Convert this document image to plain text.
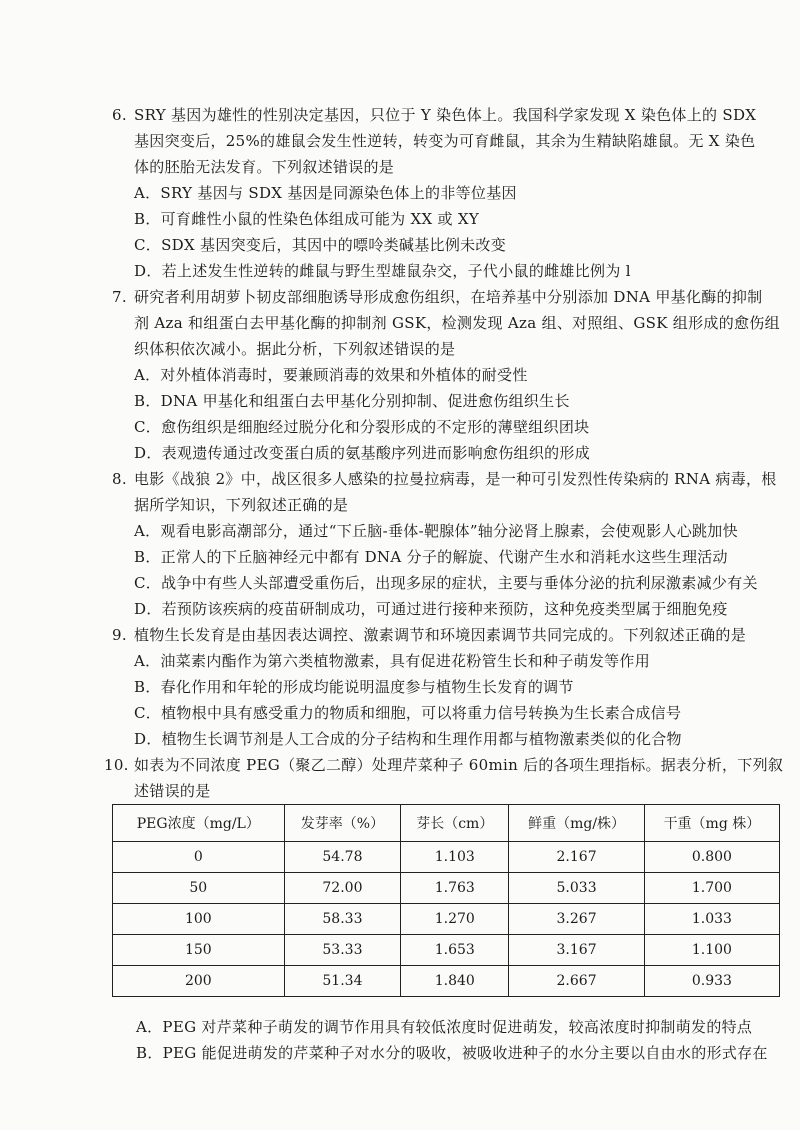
6. SRY 基因为雄性的性别决定基因，只位于 Y 染色体上。我国科学家发现 X 染色体上的 SDX
基因突变后，25%的雄鼠会发生性逆转，转变为可育雌鼠，其余为生精缺陷雄鼠。无 X 染色
体的胚胎无法发育。下列叙述错误的是
A．SRY 基因与 SDX 基因是同源染色体上的非等位基因
B．可育雌性小鼠的性染色体组成可能为 XX 或 XY
C．SDX 基因突变后，其因中的嘌呤类碱基比例未改变
D．若上述发生性逆转的雌鼠与野生型雄鼠杂交，子代小鼠的雌雄比例为 l
7. 研究者利用胡萝卜韧皮部细胞诱导形成愈伤组织，在培养基中分别添加 DNA 甲基化酶的抑制
剂 Aza 和组蛋白去甲基化酶的抑制剂 GSK，检测发现 Aza 组、对照组、GSK 组形成的愈伤组
织体积依次减小。据此分析，下列叙述错误的是
A．对外植体消毒时，要兼顾消毒的效果和外植体的耐受性
B．DNA 甲基化和组蛋白去甲基化分别抑制、促进愈伤组织生长
C．愈伤组织是细胞经过脱分化和分裂形成的不定形的薄壁组织团块
D．表观遗传通过改变蛋白质的氨基酸序列进而影响愈伤组织的形成
8. 电影《战狼 2》中，战区很多人感染的拉曼拉病毒，是一种可引发烈性传染病的 RNA 病毒，根
据所学知识，下列叙述正确的是
A．观看电影高潮部分，通过“下丘脑-垂体-靶腺体”轴分泌肾上腺素，会使观影人心跳加快
B．正常人的下丘脑神经元中都有 DNA 分子的解旋、代谢产生水和消耗水这些生理活动
C．战争中有些人头部遭受重伤后，出现多尿的症状，主要与垂体分泌的抗利尿激素减少有关
D．若预防该疾病的疫苗研制成功，可通过进行接种来预防，这种免疫类型属于细胞免疫
9. 植物生长发育是由基因表达调控、激素调节和环境因素调节共同完成的。下列叙述正确的是
A．油菜素内酯作为第六类植物激素，具有促进花粉管生长和种子萌发等作用
B．春化作用和年轮的形成均能说明温度参与植物生长发育的调节
C．植物根中具有感受重力的物质和细胞，可以将重力信号转换为生长素合成信号
D．植物生长调节剂是人工合成的分子结构和生理作用都与植物激素类似的化合物
10. 如表为不同浓度 PEG（聚乙二醇）处理芹菜种子 60min 后的各项生理指标。据表分析，下列叙
述错误的是
PEG浓度（mg/L）	发芽率（%）	芽长（cm）	鲜重（mg/株）	干重（mg 株）
0	54.78	1.103	2.167	0.800
50	72.00	1.763	5.033	1.700
100	58.33	1.270	3.267	1.033
150	53.33	1.653	3.167	1.100
200	51.34	1.840	2.667	0.933
A．PEG 对芹菜种子萌发的调节作用具有较低浓度时促进萌发，较高浓度时抑制萌发的特点
B．PEG 能促进萌发的芹菜种子对水分的吸收，被吸收进种子的水分主要以自由水的形式存在
